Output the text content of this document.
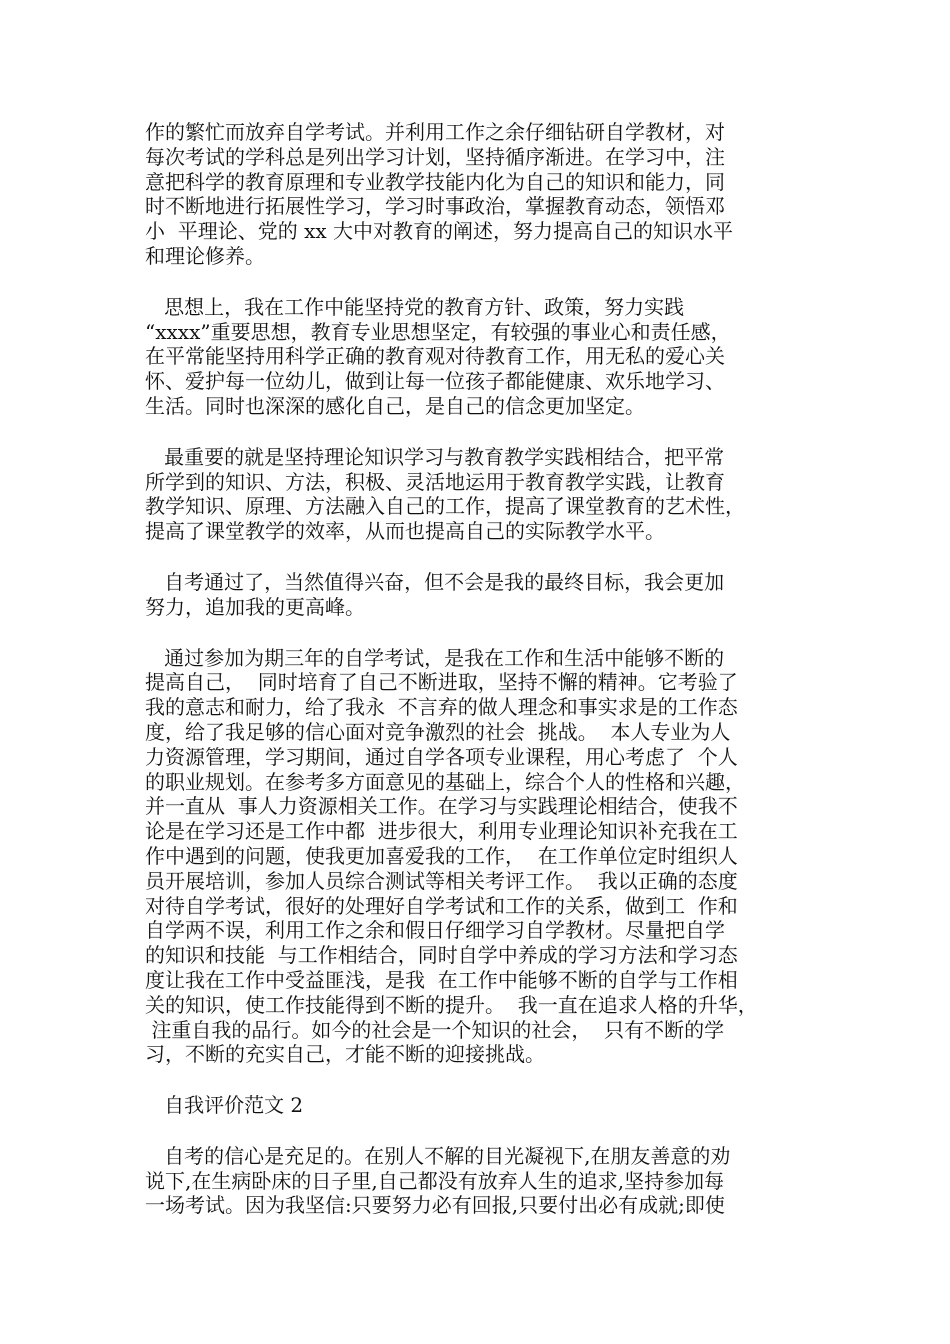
作的繁忙而放弃自学考试。并利用工作之余仔细钻研自学教材，对
每次考试的学科总是列出学习计划，坚持循序渐进。在学习中，注
意把科学的教育原理和专业教学技能内化为自己的知识和能力，同
时不断地进行拓展性学习，学习时事政治，掌握教育动态，领悟邓
小  平理论、党的 xx 大中对教育的阐述，努力提高自己的知识水平
和理论修养。
思想上，我在工作中能坚持党的教育方针、政策，努力实践
“xxxx”重要思想，教育专业思想坚定，有较强的事业心和责任感，
在平常能坚持用科学正确的教育观对待教育工作，用无私的爱心关
怀、爱护每一位幼儿，做到让每一位孩子都能健康、欢乐地学习、
生活。同时也深深的感化自己，是自己的信念更加坚定。
最重要的就是坚持理论知识学习与教育教学实践相结合，把平常
所学到的知识、方法，积极、灵活地运用于教育教学实践，让教育
教学知识、原理、方法融入自己的工作，提高了课堂教育的艺术性，
提高了课堂教学的效率，从而也提高自己的实际教学水平。
自考通过了，当然值得兴奋，但不会是我的最终目标，我会更加
努力，追加我的更高峰。
通过参加为期三年的自学考试，是我在工作和生活中能够不断的
提高自己，  同时培育了自己不断进取，坚持不懈的精神。它考验了
我的意志和耐力，给了我永  不言弃的做人理念和事实求是的工作态
度，给了我足够的信心面对竞争激烈的社会  挑战。  本人专业为人
力资源管理，学习期间，通过自学各项专业课程，用心考虑了  个人
的职业规划。在参考多方面意见的基础上，综合个人的性格和兴趣，
并一直从  事人力资源相关工作。在学习与实践理论相结合，使我不
论是在学习还是工作中都  进步很大，利用专业理论知识补充我在工
作中遇到的问题，使我更加喜爱我的工作，  在工作单位定时组织人
员开展培训，参加人员综合测试等相关考评工作。  我以正确的态度
对待自学考试，很好的处理好自学考试和工作的关系，做到工  作和
自学两不误，利用工作之余和假日仔细学习自学教材。尽量把自学
的知识和技能  与工作相结合，同时自学中养成的学习方法和学习态
度让我在工作中受益匪浅，是我  在工作中能够不断的自学与工作相
关的知识，使工作技能得到不断的提升。  我一直在追求人格的升华，
注重自我的品行。如今的社会是一个知识的社会，  只有不断的学
习，不断的充实自己，才能不断的迎接挑战。
自我评价范文 2
自考的信心是充足的。在别人不解的目光凝视下,在朋友善意的劝
说下,在生病卧床的日子里,自己都没有放弃人生的追求,坚持参加每
一场考试。因为我坚信:只要努力必有回报,只要付出必有成就;即使
